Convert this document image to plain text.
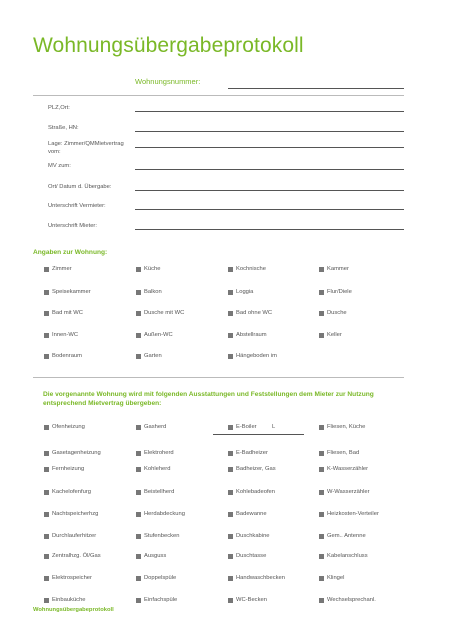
Wohnungsübergabeprotokoll
Wohnungsnummer:
PLZ,Ort:
Straße, HN:
Lage: Zimmer/QMMietvertrag vom:
MV zum:
Ort/ Datum d. Übergabe:
Unterschrift Vermieter:
Unterschrift Mieter:
Angaben zur Wohnung:
Zimmer	Küche	Kochnische	Kammer
Speisekammer	Balkon	Loggia	Flur/Diele
Bad mit WC	Dusche mit WC	Bad ohne WC	Dusche
Innen-WC	Außen-WC	Abstellraum	Keller
Bodenraum	Garten	Hängeboden im
Die vorgenannte Wohnung wird mit folgenden Ausstattungen und Feststellungen dem Mieter zur Nutzung entsprechend Mietvertrag übergeben:
Ofenheizung	Gasherd	E-Boiler	Fliesen, Küche
Gasetagenheizung	Elektroherd	E-Badheizer	Fliesen, Bad
Fernheizung	Kohleherd	Badheizer, Gas	K-Wasserzähler
Kachelofenfurg	Beistellherd	Kohlebadeofen	W-Wasserzähler
Nachtspeicherhzg	Herdabdeckung	Badewanne	Heizkosten-Verteiler
Durchlauferhitzer	Stufenbecken	Duschkabine	Gem.. Antenne
Zentralhzg. Öl/Gas	Ausguss	Duschtasse	Kabelanschluss
Elektrospeicher	Doppelspüle	Handwaschbecken	Klingel
Einbauküche	Einfachspüle	WC-Becken	Wechselsprechanl.
L
Wohnungsübergabeprotokoll
